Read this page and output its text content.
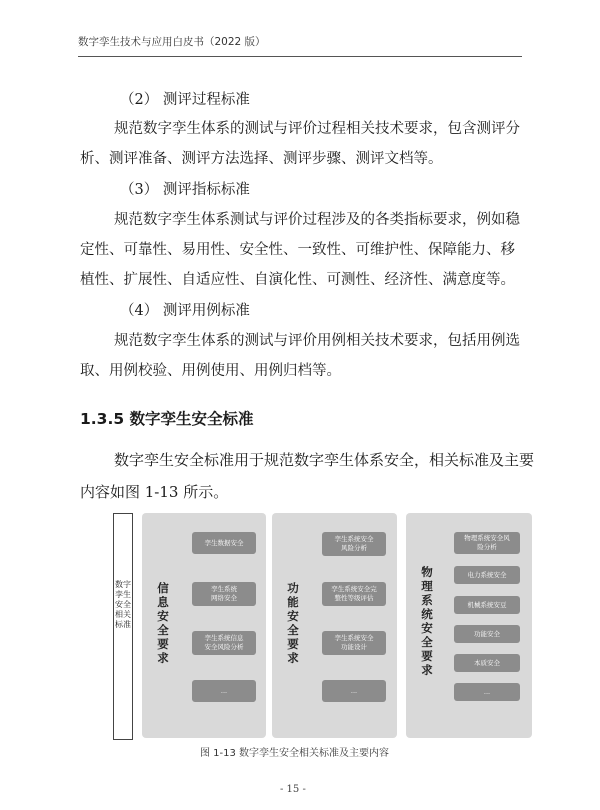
数字孪生技术与应用白皮书（2022 版）
（2） 测评过程标准
规范数字孪生体系的测试与评价过程相关技术要求，包含测评分
析、测评准备、测评方法选择、测评步骤、测评文档等。
（3） 测评指标标准
规范数字孪生体系测试与评价过程涉及的各类指标要求，例如稳
定性、可靠性、易用性、安全性、一致性、可维护性、保障能力、移
植性、扩展性、自适应性、自演化性、可测性、经济性、满意度等。
（4） 测评用例标准
规范数字孪生体系的测试与评价用例相关技术要求，包括用例选
取、用例校验、用例使用、用例归档等。
1.3.5 数字孪生安全标准
数字孪生安全标准用于规范数字孪生体系安全，相关标准及主要
内容如图 1-13 所示。
数字孪生安全相关标准
信息安全要求
孪生数据安全
孪生系统
网络安全
孪生系统信息
安全风险分析
...
功能安全要求
孪生系统安全
风险分析
孪生系统安全完
整性等级评估
孪生系统安全
功能设计
...
物理系统安全要求
物理系统安全风
险分析
电力系统安全
机械系统安豆
功能安全
本质安全
...
图 1-13 数字孪生安全相关标准及主要内容
- 15 -
